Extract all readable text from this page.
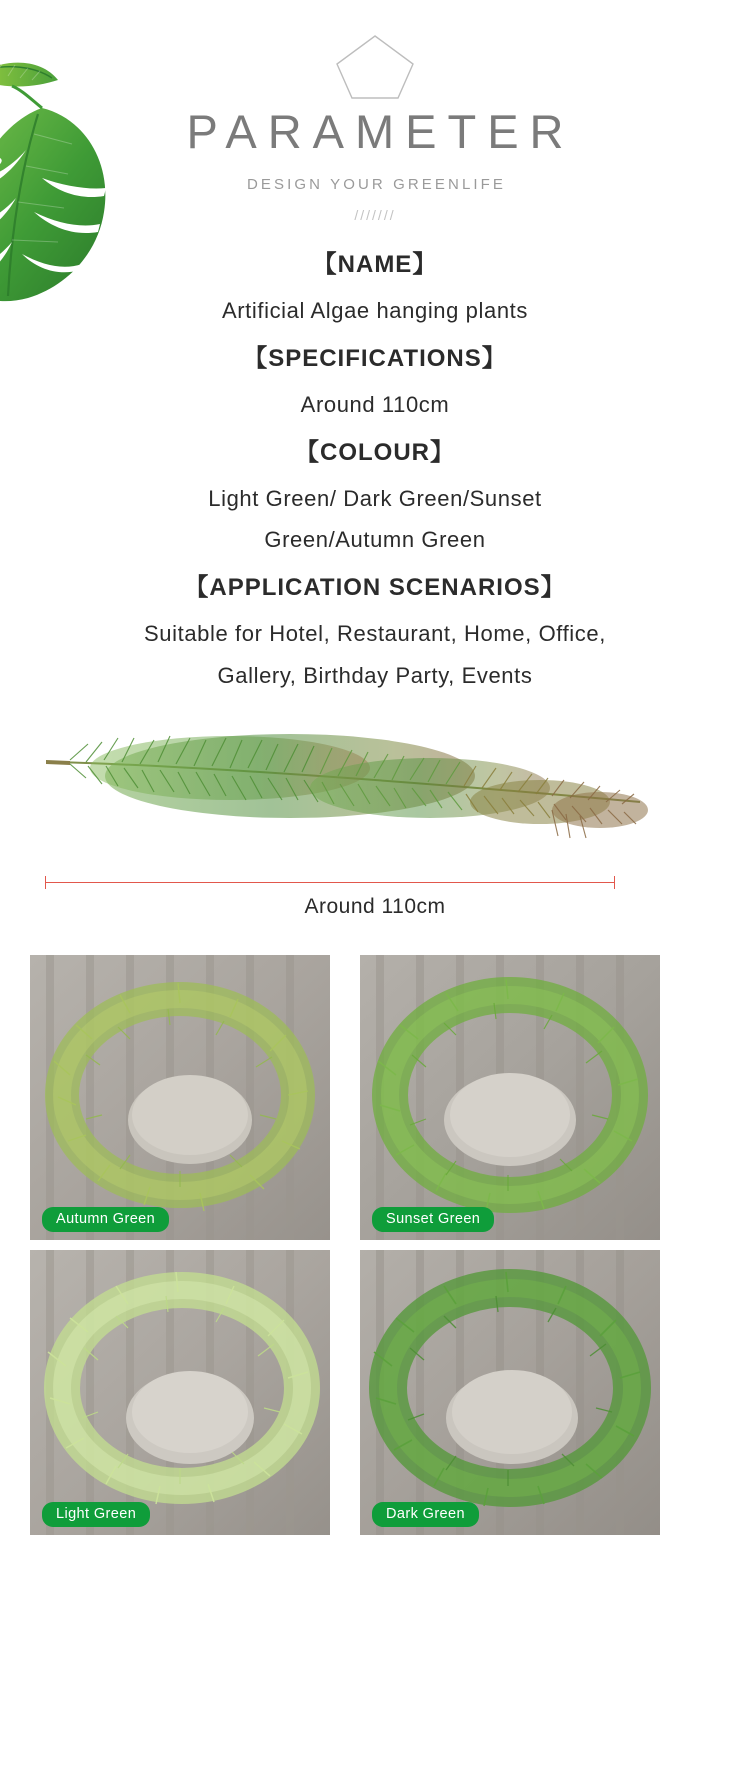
PARAMETER
DESIGN YOUR GREENLIFE
///////
【NAME】
Artificial Algae hanging plants
【SPECIFICATIONS】
Around 110cm
【COLOUR】
Light Green/ Dark Green/Sunset
Green/Autumn Green
【APPLICATION SCENARIOS】
Suitable for Hotel, Restaurant, Home, Office,
Gallery, Birthday Party, Events
Around 110cm
Autumn Green	Sunset Green
Light Green	Dark Green
